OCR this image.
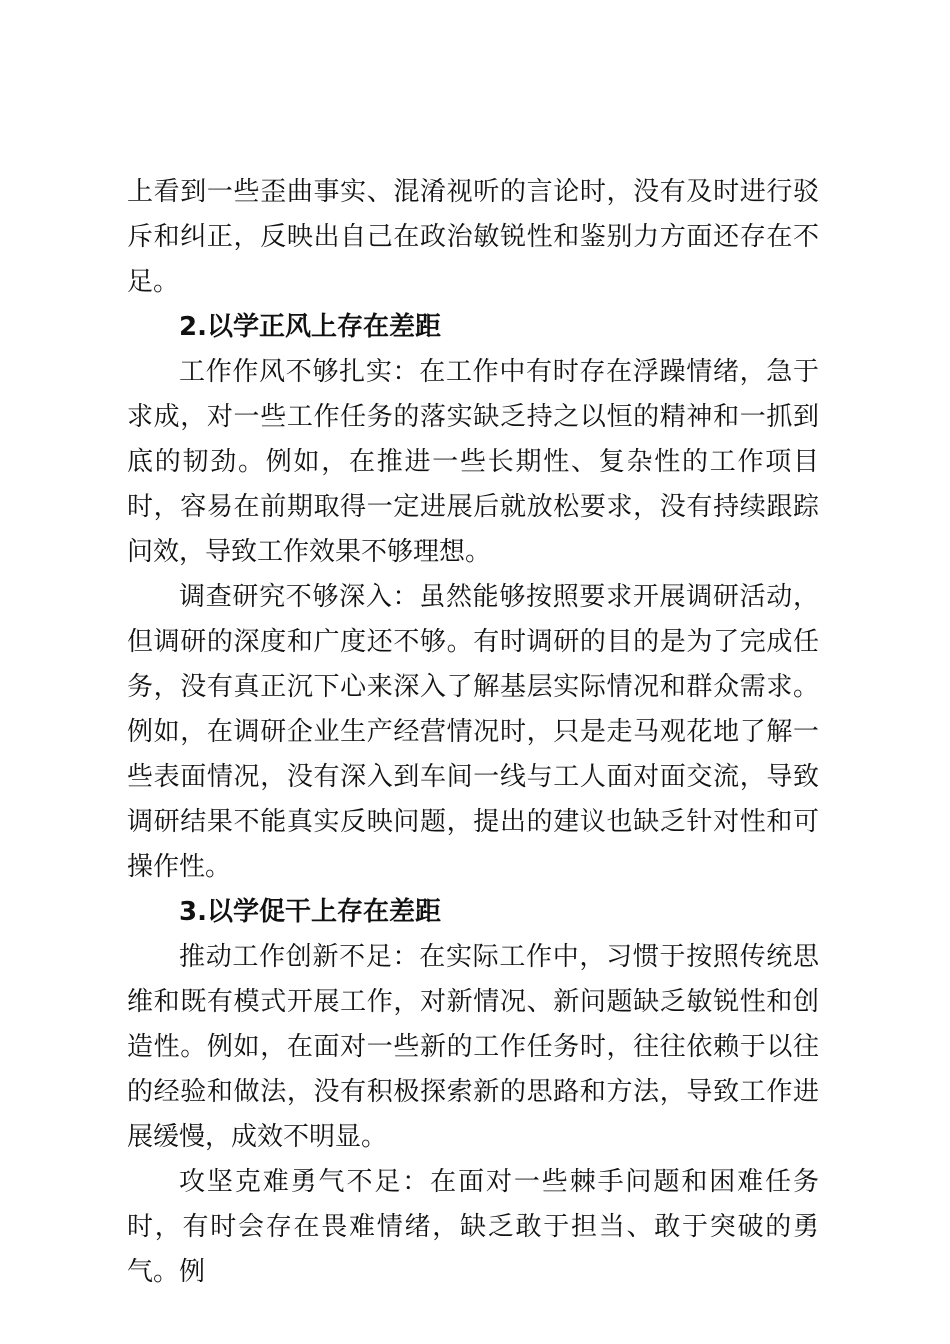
上看到一些歪曲事实、混淆视听的言论时，没有及时进行驳斥和纠正，反映出自己在政治敏锐性和鉴别力方面还存在不足。

2.以学正风上存在差距

工作作风不够扎实：在工作中有时存在浮躁情绪，急于求成，对一些工作任务的落实缺乏持之以恒的精神和一抓到底的韧劲。例如，在推进一些长期性、复杂性的工作项目时，容易在前期取得一定进展后就放松要求，没有持续跟踪问效，导致工作效果不够理想。

调查研究不够深入：虽然能够按照要求开展调研活动，但调研的深度和广度还不够。有时调研的目的是为了完成任务，没有真正沉下心来深入了解基层实际情况和群众需求。例如，在调研企业生产经营情况时，只是走马观花地了解一些表面情况，没有深入到车间一线与工人面对面交流，导致调研结果不能真实反映问题，提出的建议也缺乏针对性和可操作性。

3.以学促干上存在差距

推动工作创新不足：在实际工作中，习惯于按照传统思维和既有模式开展工作，对新情况、新问题缺乏敏锐性和创造性。例如，在面对一些新的工作任务时，往往依赖于以往的经验和做法，没有积极探索新的思路和方法，导致工作进展缓慢，成效不明显。

攻坚克难勇气不足：在面对一些棘手问题和困难任务时，有时会存在畏难情绪，缺乏敢于担当、敢于突破的勇气。例
